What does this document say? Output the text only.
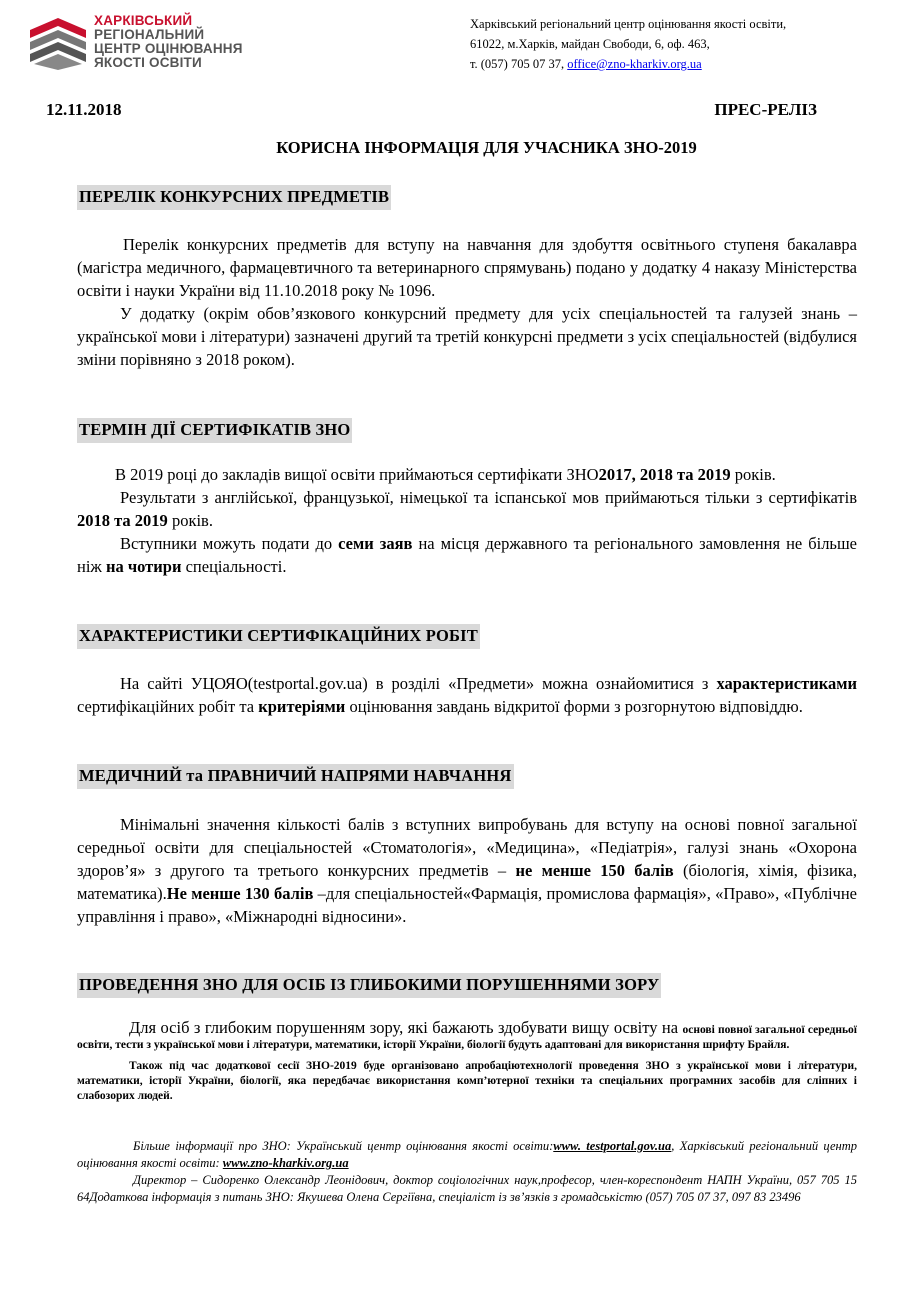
ХАРКІВСЬКИЙ
РЕГІОНАЛЬНИЙ
ЦЕНТР ОЦІНЮВАННЯ
ЯКОСТІ ОСВІТИ
Харківський регіональний центр оцінювання якості освіти,
61022, м.Харків, майдан Свободи, 6, оф. 463,
т. (057) 705 07 37, office@zno-kharkiv.org.ua
12.11.2018	ПРЕС-РЕЛІЗ
КОРИСНА ІНФОРМАЦІЯ ДЛЯ УЧАСНИКА ЗНО-2019
ПЕРЕЛІК КОНКУРСНИХ ПРЕДМЕТІВ

Перелік конкурсних предметів для вступу на навчання для здобуття освітнього ступеня бакалавра (магістра медичного, фармацевтичного та ветеринарного спрямувань) подано у додатку 4 наказу Міністерства освіти і науки України від 11.10.2018 року № 1096.

У додатку (окрім обов’язкового конкурсний предмету для усіх спеціальностей та галузей знань – української мови і літератури) зазначені другий та третій конкурсні предмети з усіх спеціальностей (відбулися зміни порівняно з 2018 роком).

ТЕРМІН ДІЇ СЕРТИФІКАТІВ ЗНО

В 2019 році до закладів вищої освіти приймаються сертифікати ЗНО2017, 2018 та 2019 років.

Результати з англійської, французької, німецької та іспанської мов приймаються тільки з сертифікатів 2018 та 2019 років.

Вступники можуть подати до семи заяв на місця державного та регіонального замовлення не більше ніж на чотири спеціальності.

ХАРАКТЕРИСТИКИ СЕРТИФІКАЦІЙНИХ РОБІТ

На сайті УЦОЯО(testportal.gov.ua) в розділі «Предмети» можна ознайомитися з характеристиками сертифікаційних робіт та критеріями оцінювання завдань відкритої форми з розгорнутою відповіддю.

МЕДИЧНИЙ та ПРАВНИЧИЙ НАПРЯМИ НАВЧАННЯ

Мінімальні значення кількості балів з вступних випробувань для вступу на основі повної загальної середньої освіти для спеціальностей «Стоматологія», «Медицина», «Педіатрія», галузі знань «Охорона здоров’я» з другого та третього конкурсних предметів – не менше 150 балів (біологія, хімія, фізика, математика).Не менше 130 балів –для спеціальностей«Фармація, промислова фармація», «Право», «Публічне управління і право», «Міжнародні відносини».

ПРОВЕДЕННЯ ЗНО ДЛЯ ОСІБ ІЗ ГЛИБОКИМИ ПОРУШЕННЯМИ ЗОРУ

Для осіб з глибоким порушенням зору, які бажають здобувати вищу освіту на основі повної загальної середньої освіти, тести з української мови і літератури, математики, історії України, біології будуть адаптовані для використання шрифту Брайля.

Також під час додаткової сесії ЗНО-2019 буде організовано апробаціютехнології проведення ЗНО з української мови і літератури, математики, історії України, біології, яка передбачає використання комп’ютерної техніки та спеціальних програмних засобів для сліпних і слабозорих людей.

Більше інформації про ЗНО: Український центр оцінювання якості освіти:www. testportal.gov.ua, Харківський регіональний центр оцінювання якості освіти: www.zno-kharkiv.org.ua

Директор – Сидоренко Олександр Леонідович, доктор соціологічних наук,професор, член-кореспондент НАПН України, 057 705 15 64Додаткова інформація з питань ЗНО: Якушева Олена Сергіївна, спеціаліст із зв’язків з громадськістю (057) 705 07 37, 097 83 23496
